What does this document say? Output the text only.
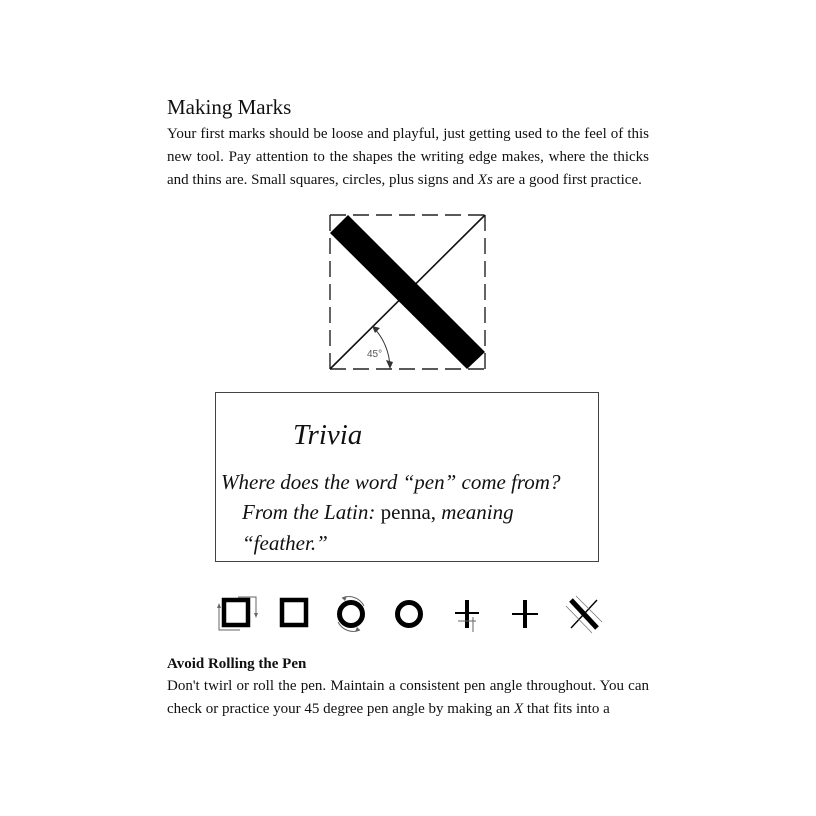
Making Marks

Your first marks should be loose and playful, just getting used to the feel of this new tool. Pay attention to the shapes the writing edge makes, where the thicks and thins are. Small squares, circles, plus signs and Xs are a good first practice.

45°
Trivia
Where does the word “pen” come from?
From the Latin: penna, meaning “feather.”
Avoid Rolling the Pen

Don't twirl or roll the pen. Maintain a consistent pen angle throughout. You can check or practice your 45 degree pen angle by making an X that fits into a
